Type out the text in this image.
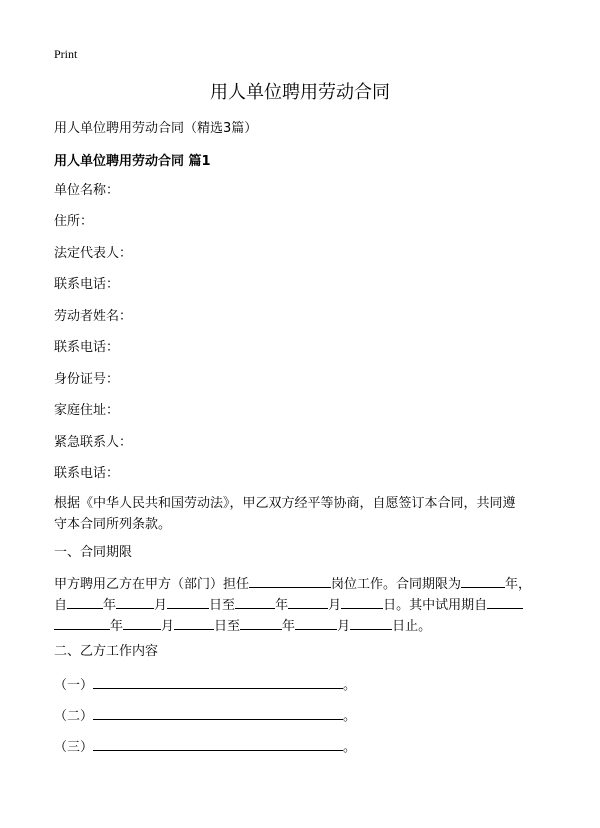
Print
用人单位聘用劳动合同
用人单位聘用劳动合同（精选3篇）
用人单位聘用劳动合同 篇1
单位名称：
住所：
法定代表人：
联系电话：
劳动者姓名：
联系电话：
身份证号：
家庭住址：
紧急联系人：
联系电话：
根据《中华人民共和国劳动法》，甲乙双方经平等协商，自愿签订本合同，共同遵
守本合同所列条款。
一、合同期限
甲方聘用乙方在甲方（部门）担任	岗位工作。合同期限为	年，
自	年	月	日至	年	月	日。其中试用期自
年	月	日至	年	月	日止。
二、乙方工作内容
（一）	。
（二）	。
（三）	。
